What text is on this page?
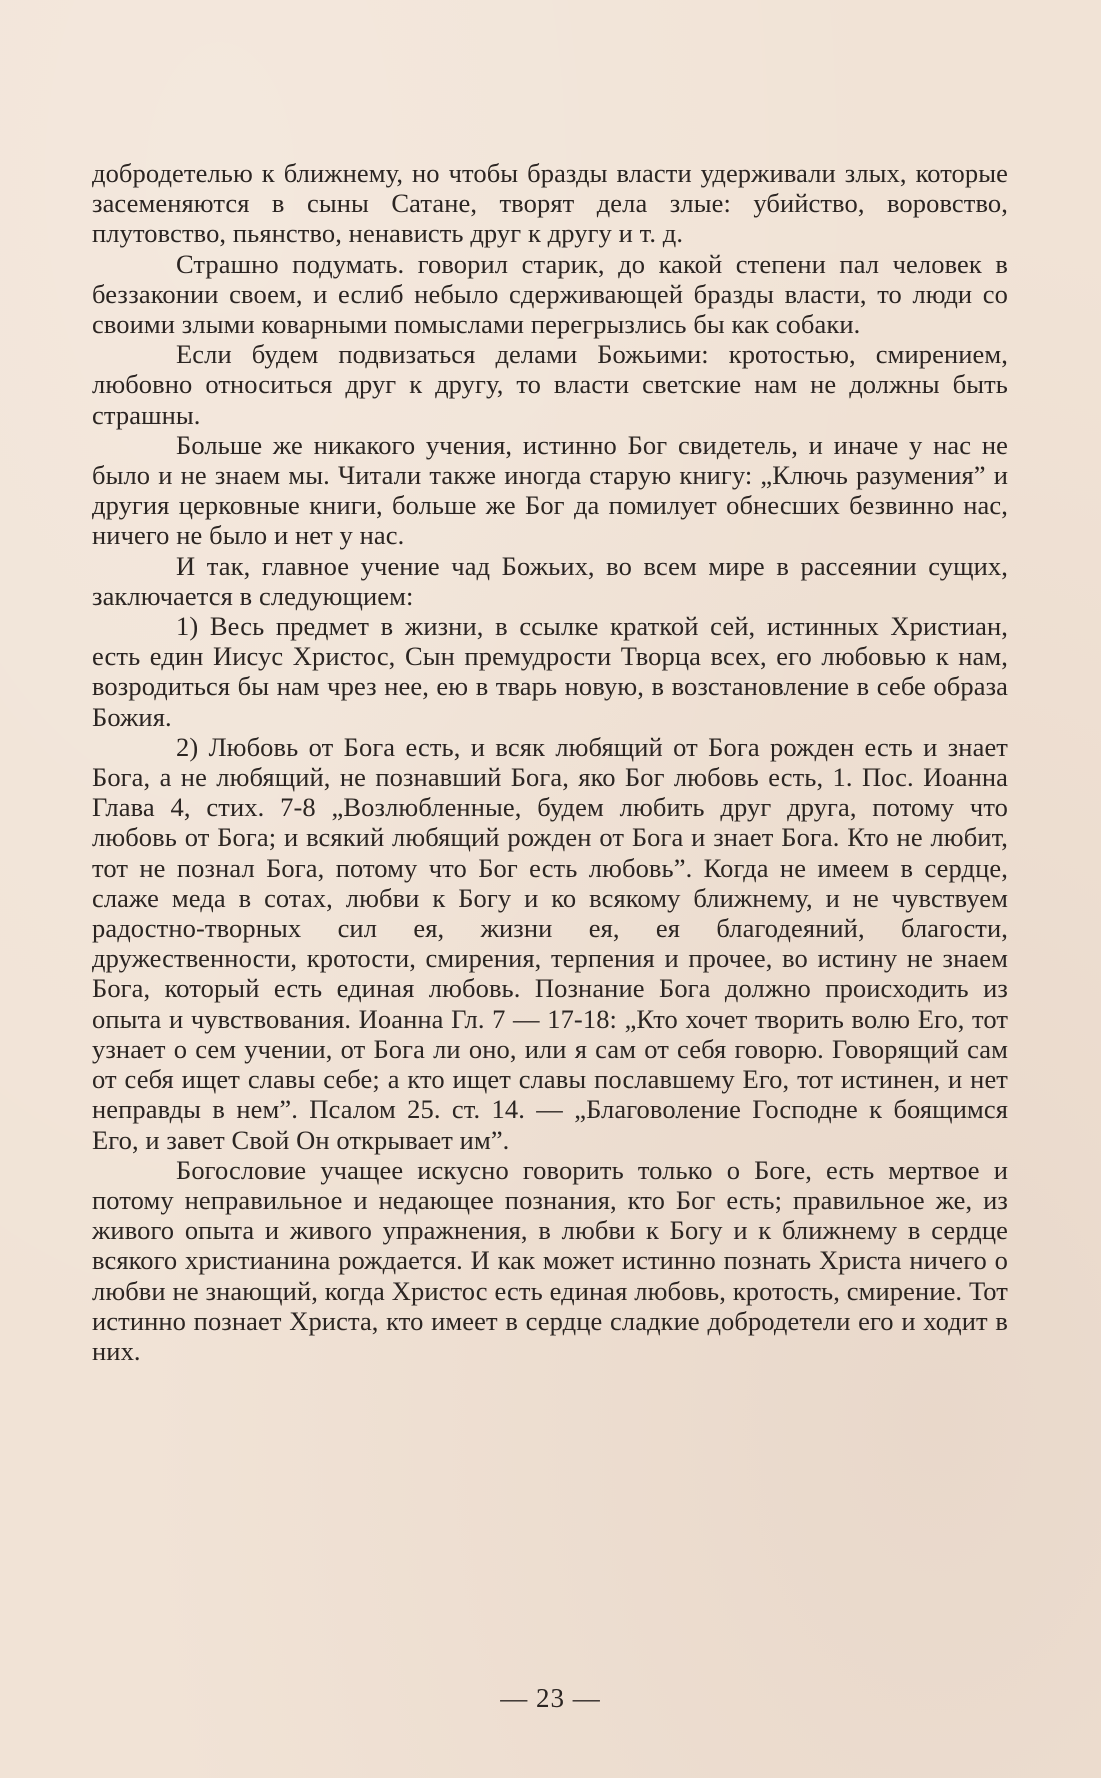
добродетелью к ближнему, но чтобы бразды власти удерживали злых, которые засеменяются в сыны Сатане, творят дела злые: убийство, воровство, плутовство, пьянство, ненависть друг к другу и т. д.

Страшно подумать. говорил старик, до какой степени пал человек в беззаконии своем, и еслиб небыло сдерживающей бразды власти, то люди со своими злыми коварными помыслами перегрызлись бы как собаки.

Если будем подвизаться делами Божьими: кротостью, смирением, любовно относиться друг к другу, то власти светские нам не должны быть страшны.

Больше же никакого учения, истинно Бог свидетель, и иначе у нас не было и не знаем мы. Читали также иногда старую книгу: „Ключь разумения” и другия церковные книги, больше же Бог да помилует обнесших безвинно нас, ничего не было и нет у нас.

И так, главное учение чад Божьих, во всем мире в рассеянии сущих, заключается в следующием:

1) Весь предмет в жизни, в ссылке краткой сей, истинных Христиан, есть един Иисус Христос, Сын премудрости Творца всех, его любовью к нам, возродиться бы нам чрез нее, ею в тварь новую, в возстановление в себе образа Божия.

2) Любовь от Бога есть, и всяк любящий от Бога рожден есть и знает Бога, а не любящий, не познавший Бога, яко Бог любовь есть, 1. Пос. Иоанна Глава 4, стих. 7-8 „Возлюбленные, будем любить друг друга, потому что любовь от Бога; и всякий любящий рожден от Бога и знает Бога. Кто не любит, тот не познал Бога, потому что Бог есть любовь”. Когда не имеем в сердце, слаже меда в сотах, любви к Богу и ко всякому ближнему, и не чувствуем радостно-творных сил ея, жизни ея, ея благодеяний, благости, дружественности, кротости, смирения, терпения и прочее, во истину не знаем Бога, который есть единая любовь. Познание Бога должно происходить из опыта и чувствования. Иоанна Гл. 7 — 17-18: „Кто хочет творить волю Его, тот узнает о сем учении, от Бога ли оно, или я сам от себя говорю. Говорящий сам от себя ищет славы себе; а кто ищет славы пославшему Его, тот истинен, и нет неправды в нем”. Псалом 25. ст. 14. — „Благоволение Господне к боящимся Его, и завет Свой Он открывает им”.

Богословие учащее искусно говорить только о Боге, есть мертвое и потому неправильное и недающее познания, кто Бог есть; правильное же, из живого опыта и живого упражнения, в любви к Богу и к ближнему в сердце всякого христианина рождается. И как может истинно познать Христа ничего о любви не знающий, когда Христос есть единая любовь, кротость, смирение. Тот истинно познает Христа, кто имеет в сердце сладкие добродетели его и ходит в них.

— 23 —
